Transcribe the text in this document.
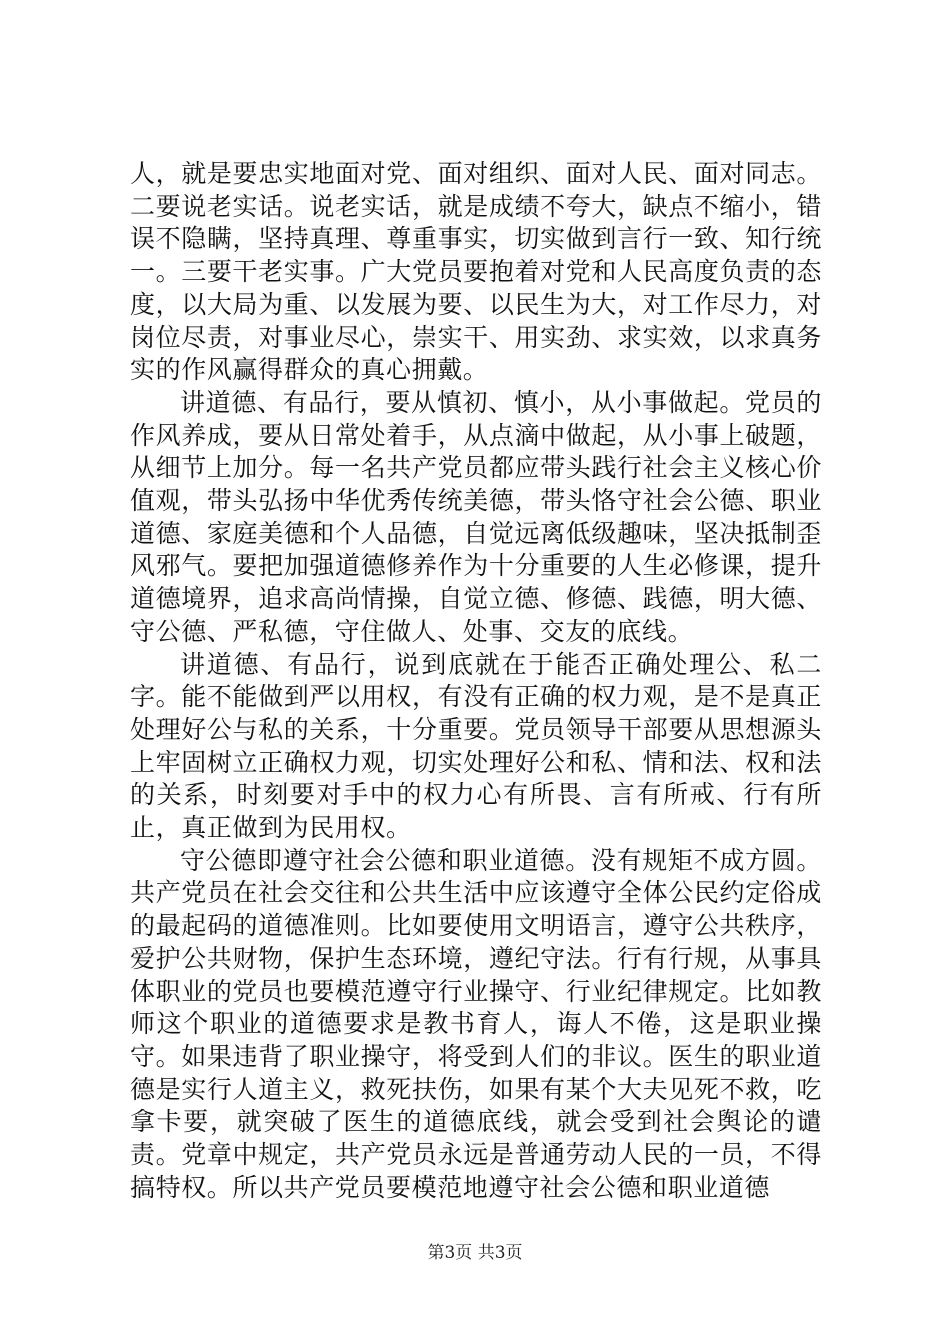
人，就是要忠实地面对党、面对组织、面对人民、面对同志。二要说老实话。说老实话，就是成绩不夸大，缺点不缩小，错误不隐瞒，坚持真理、尊重事实，切实做到言行一致、知行统一。三要干老实事。广大党员要抱着对党和人民高度负责的态度，以大局为重、以发展为要、以民生为大，对工作尽力，对岗位尽责，对事业尽心，崇实干、用实劲、求实效，以求真务实的作风赢得群众的真心拥戴。

讲道德、有品行，要从慎初、慎小，从小事做起。党员的作风养成，要从日常处着手，从点滴中做起，从小事上破题，从细节上加分。每一名共产党员都应带头践行社会主义核心价值观，带头弘扬中华优秀传统美德，带头恪守社会公德、职业道德、家庭美德和个人品德，自觉远离低级趣味，坚决抵制歪风邪气。要把加强道德修养作为十分重要的人生必修课，提升道德境界，追求高尚情操，自觉立德、修德、践德，明大德、守公德、严私德，守住做人、处事、交友的底线。

讲道德、有品行，说到底就在于能否正确处理公、私二字。能不能做到严以用权，有没有正确的权力观，是不是真正处理好公与私的关系，十分重要。党员领导干部要从思想源头上牢固树立正确权力观，切实处理好公和私、情和法、权和法的关系，时刻要对手中的权力心有所畏、言有所戒、行有所止，真正做到为民用权。

守公德即遵守社会公德和职业道德。没有规矩不成方圆。共产党员在社会交往和公共生活中应该遵守全体公民约定俗成的最起码的道德准则。比如要使用文明语言，遵守公共秩序，爱护公共财物，保护生态环境，遵纪守法。行有行规，从事具体职业的党员也要模范遵守行业操守、行业纪律规定。比如教师这个职业的道德要求是教书育人，诲人不倦，这是职业操守。如果违背了职业操守，将受到人们的非议。医生的职业道德是实行人道主义，救死扶伤，如果有某个大夫见死不救，吃拿卡要，就突破了医生的道德底线，就会受到社会舆论的谴责。党章中规定，共产党员永远是普通劳动人民的一员，不得搞特权。所以共产党员要模范地遵守社会公德和职业道德

第3页 共3页
